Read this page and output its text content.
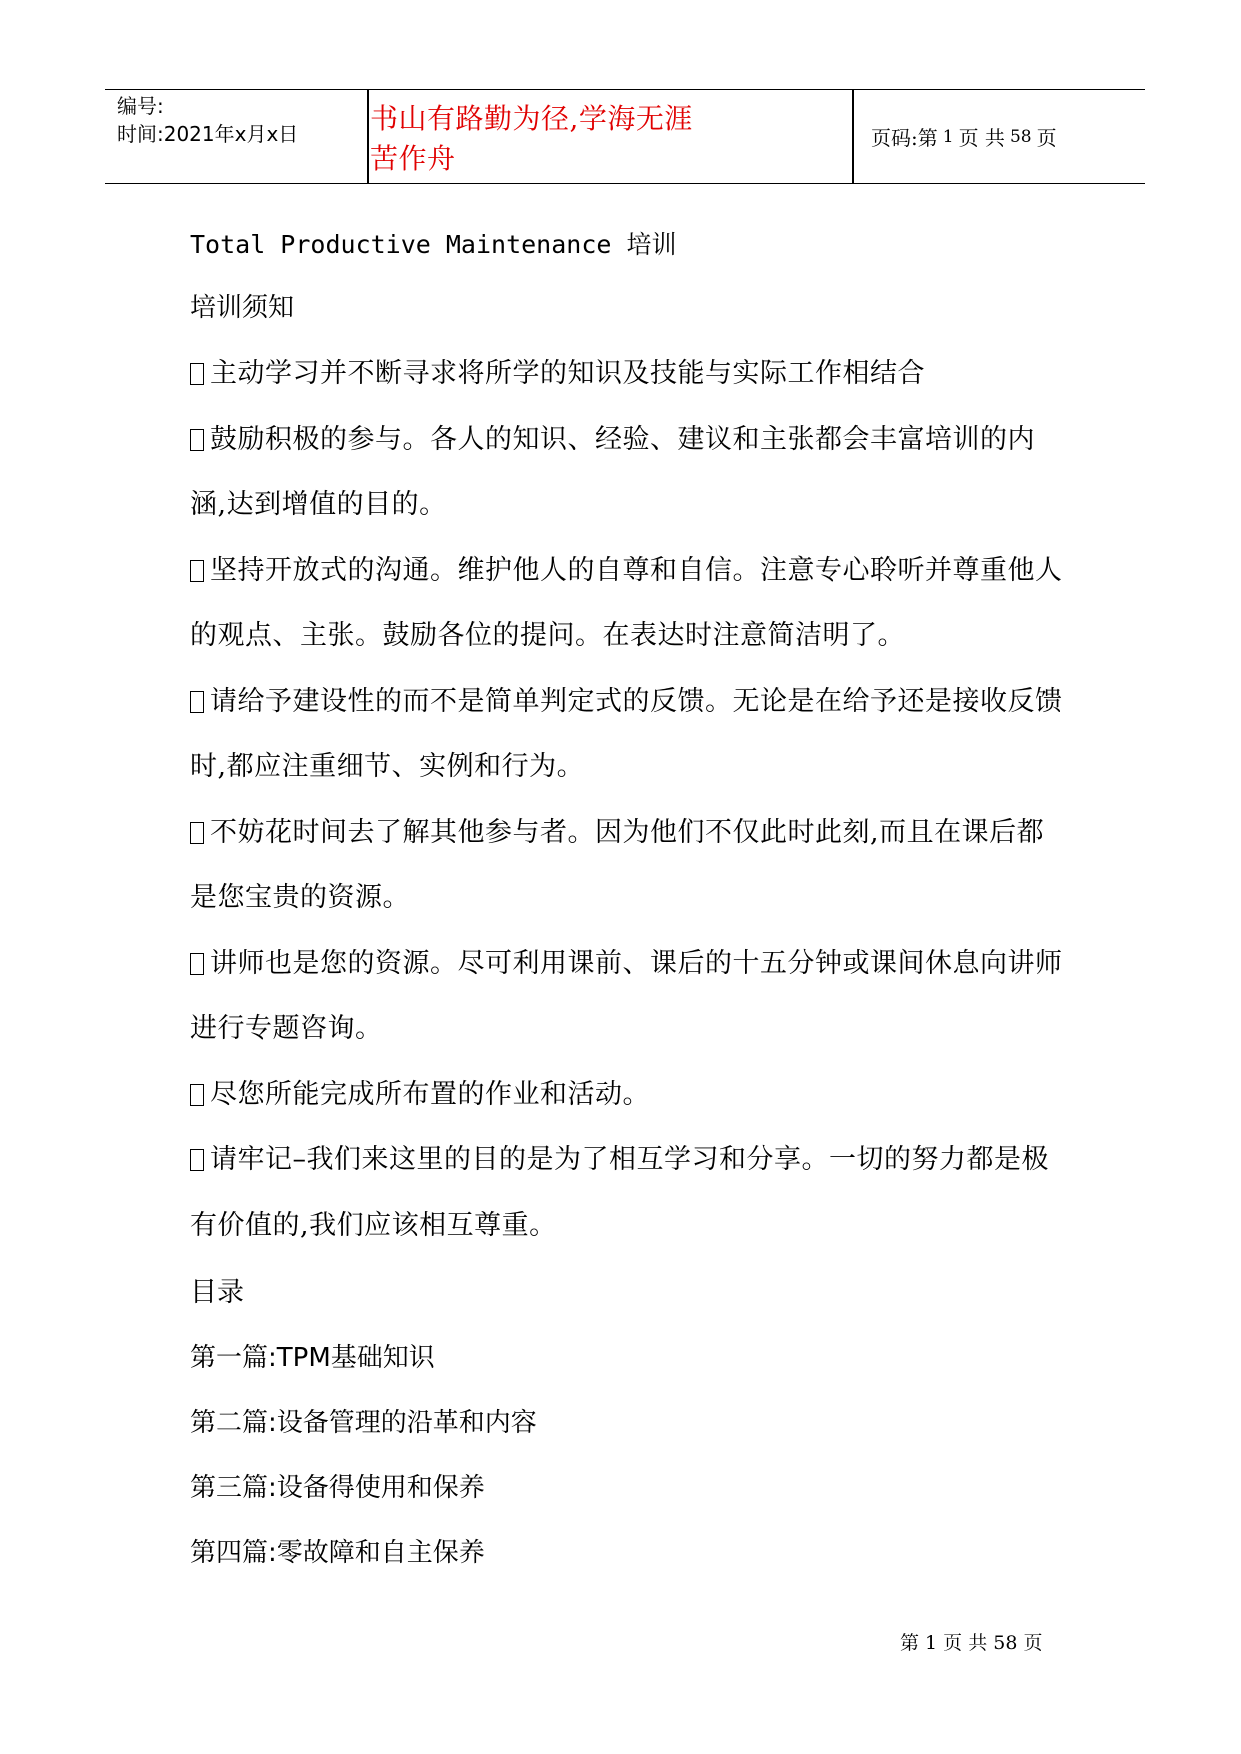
编号:
时间:2021年x月x日	书山有路勤为径,学海无涯苦作舟
页码:第 1 页 共 58 页
Total Productive Maintenance 培训
培训须知

主动学习并不断寻求将所学的知识及技能与实际工作相结合

鼓励积极的参与。各人的知识、经验、建议和主张都会丰富培训的内涵,达到增值的目的。

坚持开放式的沟通。维护他人的自尊和自信。注意专心聆听并尊重他人的观点、主张。鼓励各位的提问。在表达时注意简洁明了。

请给予建设性的而不是简单判定式的反馈。无论是在给予还是接收反馈时,都应注重细节、实例和行为。

不妨花时间去了解其他参与者。因为他们不仅此时此刻,而且在课后都是您宝贵的资源。

讲师也是您的资源。尽可利用课前、课后的十五分钟或课间休息向讲师进行专题咨询。

尽您所能完成所布置的作业和活动。

请牢记–我们来这里的目的是为了相互学习和分享。一切的努力都是极有价值的,我们应该相互尊重。

目录
第一篇:TPM基础知识
第二篇:设备管理的沿革和内容
第三篇:设备得使用和保养
第四篇:零故障和自主保养
第 1 页 共 58 页
